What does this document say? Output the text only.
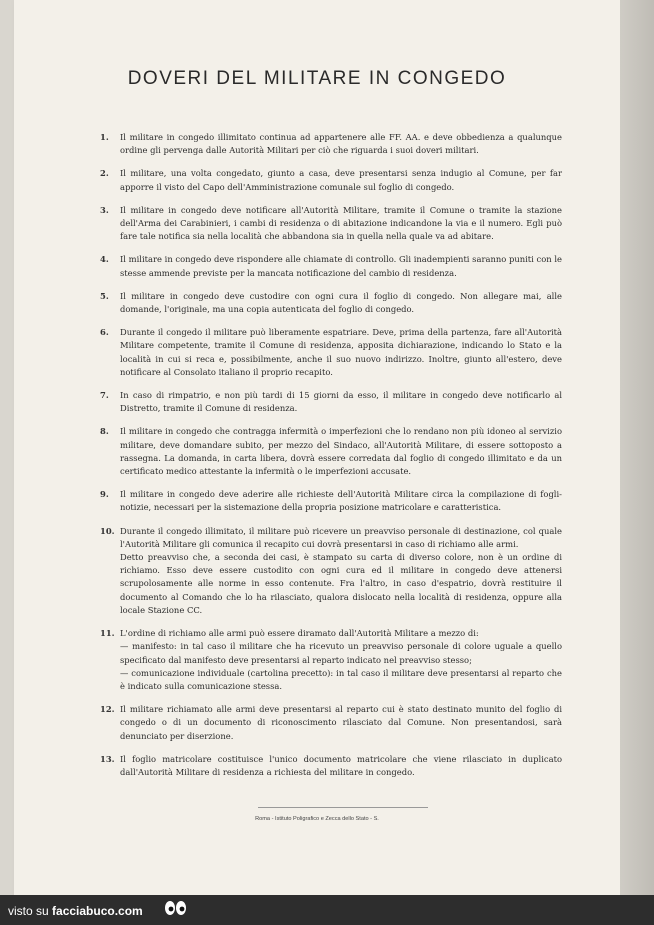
DOVERI DEL MILITARE IN CONGEDO
1. Il militare in congedo illimitato continua ad appartenere alle FF. AA. e deve obbedienza a qualunque ordine gli pervenga dalle Autorità Militari per ciò che riguarda i suoi doveri militari.

2. Il militare, una volta congedato, giunto a casa, deve presentarsi senza indugio al Comune, per far apporre il visto del Capo dell'Amministrazione comunale sul foglio di congedo.

3. Il militare in congedo deve notificare all'Autorità Militare, tramite il Comune o tramite la stazione dell'Arma dei Carabinieri, i cambi di residenza o di abitazione indicandone la via e il numero. Egli può fare tale notifica sia nella località che abbandona sia in quella nella quale va ad abitare.

4. Il militare in congedo deve rispondere alle chiamate di controllo. Gli inadempienti saranno puniti con le stesse ammende previste per la mancata notificazione del cambio di residenza.

5. Il militare in congedo deve custodire con ogni cura il foglio di congedo. Non allegare mai, alle domande, l'originale, ma una copia autenticata del foglio di congedo.

6. Durante il congedo il militare può liberamente espatriare. Deve, prima della partenza, fare all'Autorità Militare competente, tramite il Comune di residenza, apposita dichiarazione, indicando lo Stato e la località in cui si reca e, possibilmente, anche il suo nuovo indirizzo. Inoltre, giunto all'estero, deve notificare al Consolato italiano il proprio recapito.

7. In caso di rimpatrio, e non più tardi di 15 giorni da esso, il militare in congedo deve notificarlo al Distretto, tramite il Comune di residenza.

8. Il militare in congedo che contragga infermità o imperfezioni che lo rendano non più idoneo al servizio militare, deve domandare subito, per mezzo del Sindaco, all'Autorità Militare, di essere sottoposto a rassegna. La domanda, in carta libera, dovrà essere corredata dal foglio di congedo illimitato e da un certificato medico attestante la infermità o le imperfezioni accusate.

9. Il militare in congedo deve aderire alle richieste dell'Autorità Militare circa la compilazione di fogli-notizie, necessari per la sistemazione della propria posizione matricolare e caratteristica.

10. Durante il congedo illimitato, il militare può ricevere un preavviso personale di destinazione, col quale l'Autorità Militare gli comunica il recapito cui dovrà presentarsi in caso di richiamo alle armi.

Detto preavviso che, a seconda dei casi, è stampato su carta di diverso colore, non è un ordine di richiamo. Esso deve essere custodito con ogni cura ed il militare in congedo deve attenersi scrupolosamente alle norme in esso contenute. Fra l'altro, in caso d'espatrio, dovrà restituire il documento al Comando che lo ha rilasciato, qualora dislocato nella località di residenza, oppure alla locale Stazione CC.

11. L'ordine di richiamo alle armi può essere diramato dall'Autorità Militare a mezzo di:

— manifesto: in tal caso il militare che ha ricevuto un preavviso personale di colore uguale a quello specificato dal manifesto deve presentarsi al reparto indicato nel preavviso stesso;

— comunicazione individuale (cartolina precetto): in tal caso il militare deve presentarsi al reparto che è indicato sulla comunicazione stessa.

12. Il militare richiamato alle armi deve presentarsi al reparto cui è stato destinato munito del foglio di congedo o di un documento di riconoscimento rilasciato dal Comune. Non presentandosi, sarà denunciato per diserzione.

13. Il foglio matricolare costituisce l'unico documento matricolare che viene rilasciato in duplicato dall'Autorità Militare di residenza a richiesta del militare in congedo.

Roma - Istituto Poligrafico e Zecca dello Stato - S.
visto su facciabuco.com
